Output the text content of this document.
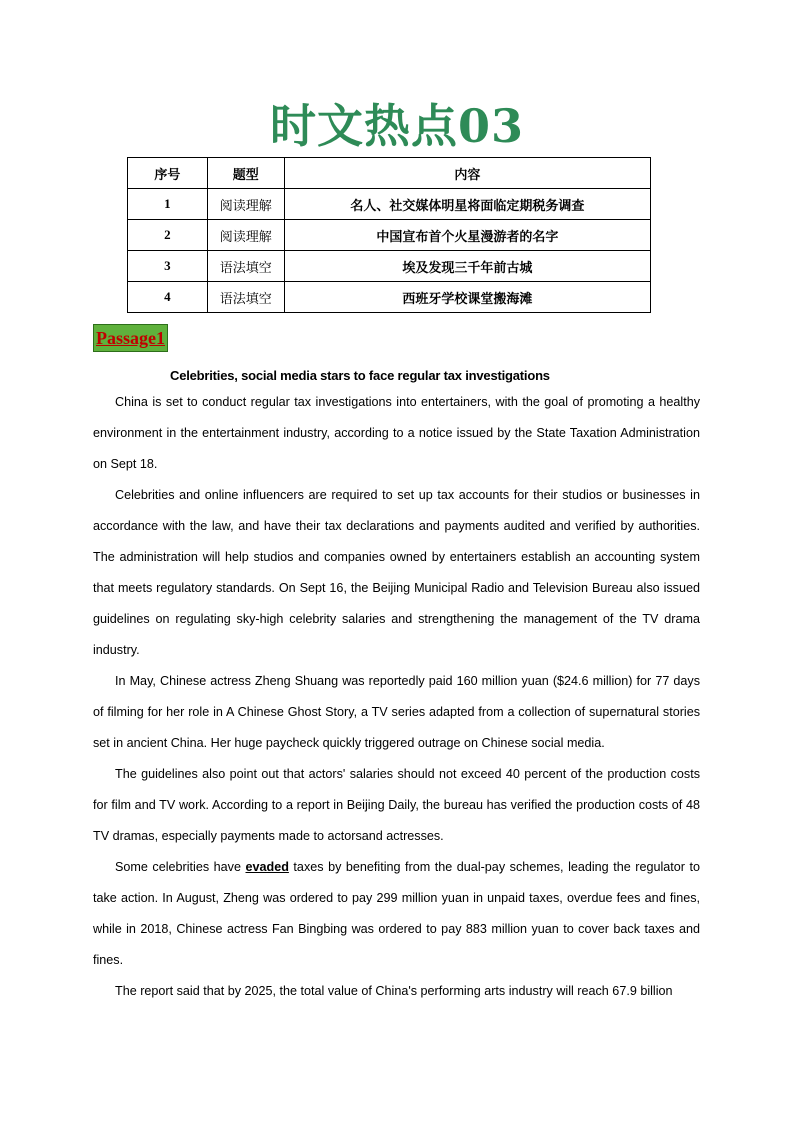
时文热点03
序号	题型	内容
1	阅读理解	名人、社交媒体明星将面临定期税务调查
2	阅读理解	中国宣布首个火星漫游者的名字
3	语法填空	埃及发现三千年前古城
4	语法填空	西班牙学校课堂搬海滩
Passage1
Celebrities, social media stars to face regular tax investigations

China is set to conduct regular tax investigations into entertainers, with the goal of promoting a healthy environment in the entertainment industry, according to a notice issued by the State Taxation Administration on Sept 18.

Celebrities and online influencers are required to set up tax accounts for their studios or businesses in accordance with the law, and have their tax declarations and payments audited and verified by authorities. The administration will help studios and companies owned by entertainers establish an accounting system that meets regulatory standards. On Sept 16, the Beijing Municipal Radio and Television Bureau also issued guidelines on regulating sky-high celebrity salaries and strengthening the management of the TV drama industry.

In May, Chinese actress Zheng Shuang was reportedly paid 160 million yuan ($24.6 million) for 77 days of filming for her role in A Chinese Ghost Story, a TV series adapted from a collection of supernatural stories set in ancient China. Her huge paycheck quickly triggered outrage on Chinese social media.

The guidelines also point out that actors' salaries should not exceed 40 percent of the production costs for film and TV work. According to a report in Beijing Daily, the bureau has verified the production costs of 48 TV dramas, especially payments made to actorsand actresses.

Some celebrities have evaded taxes by benefiting from the dual-pay schemes, leading the regulator to take action. In August, Zheng was ordered to pay 299 million yuan in unpaid taxes, overdue fees and fines, while in 2018, Chinese actress Fan Bingbing was ordered to pay 883 million yuan to cover back taxes and fines.

The report said that by 2025, the total value of China's performing arts industry will reach 67.9 billion
